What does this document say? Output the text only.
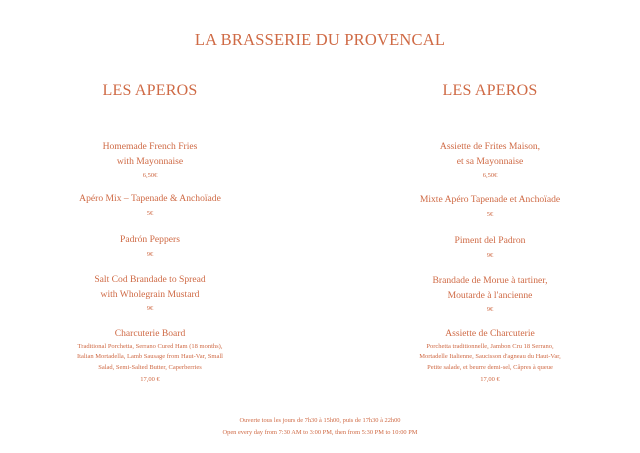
LA BRASSERIE DU PROVENCAL
LES APEROS
Homemade French Fries
with Mayonnaise
6,50€
Apéro Mix – Tapenade & Anchoïade
5€
Padrón Peppers
9€
Salt Cod Brandade to Spread
with Wholegrain Mustard
9€
Charcuterie Board
Traditional Porchetta, Serrano Cured Ham (18 months),
Italian Mortadella, Lamb Sausage from Haut-Var, Small
Salad, Semi-Salted Butter, Caperberries
17,00 €
LES APEROS
Assiette de Frites Maison,
et sa Mayonnaise
6,50€
Mixte Apéro Tapenade et Anchoïade
5€
Piment del Padron
9€
Brandade de Morue à tartiner,
Moutarde à l'ancienne
9€
Assiette de Charcuterie
Porchetta traditionnelle, Jambon Cru 18 Serrano,
Mortadelle Italienne, Saucisson d'agneau du Haut-Var,
Petite salade, et beurre demi-sel, Câpres à queue
17,00 €
Ouverte tous les jours de 7h30 à 15h00, puis de 17h30 à 22h00
Open every day from 7:30 AM to 3:00 PM, then from 5:30 PM to 10:00 PM
